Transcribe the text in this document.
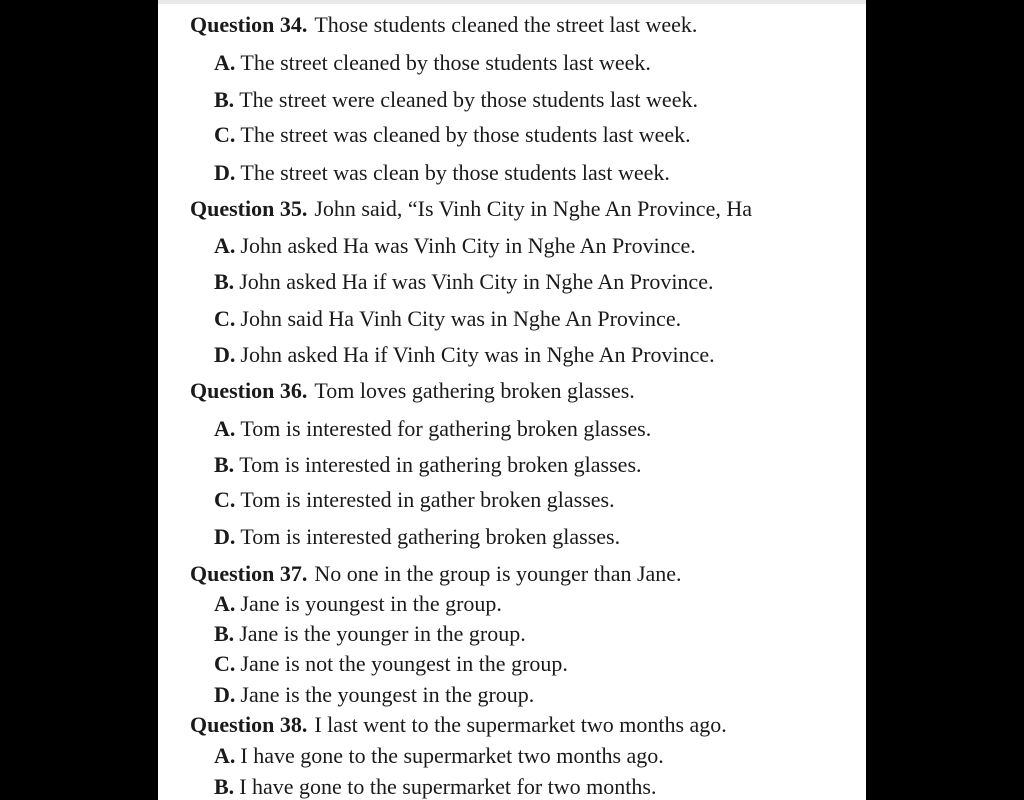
Question 34. Those students cleaned the street last week.
A. The street cleaned by those students last week.
B. The street were cleaned by those students last week.
C. The street was cleaned by those students last week.
D. The street was clean by those students last week.
Question 35. John said, “Is Vinh City in Nghe An Province, Ha
A. John asked Ha was Vinh City in Nghe An Province.
B. John asked Ha if was Vinh City in Nghe An Province.
C. John said Ha Vinh City was in Nghe An Province.
D. John asked Ha if Vinh City was in Nghe An Province.
Question 36. Tom loves gathering broken glasses.
A. Tom is interested for gathering broken glasses.
B. Tom is interested in gathering broken glasses.
C. Tom is interested in gather broken glasses.
D. Tom is interested gathering broken glasses.
Question 37. No one in the group is younger than Jane.
A. Jane is youngest in the group.
B. Jane is the younger in the group.
C. Jane is not the youngest in the group.
D. Jane is the youngest in the group.
Question 38. I last went to the supermarket two months ago.
A. I have gone to the supermarket two months ago.
B. I have gone to the supermarket for two months.
